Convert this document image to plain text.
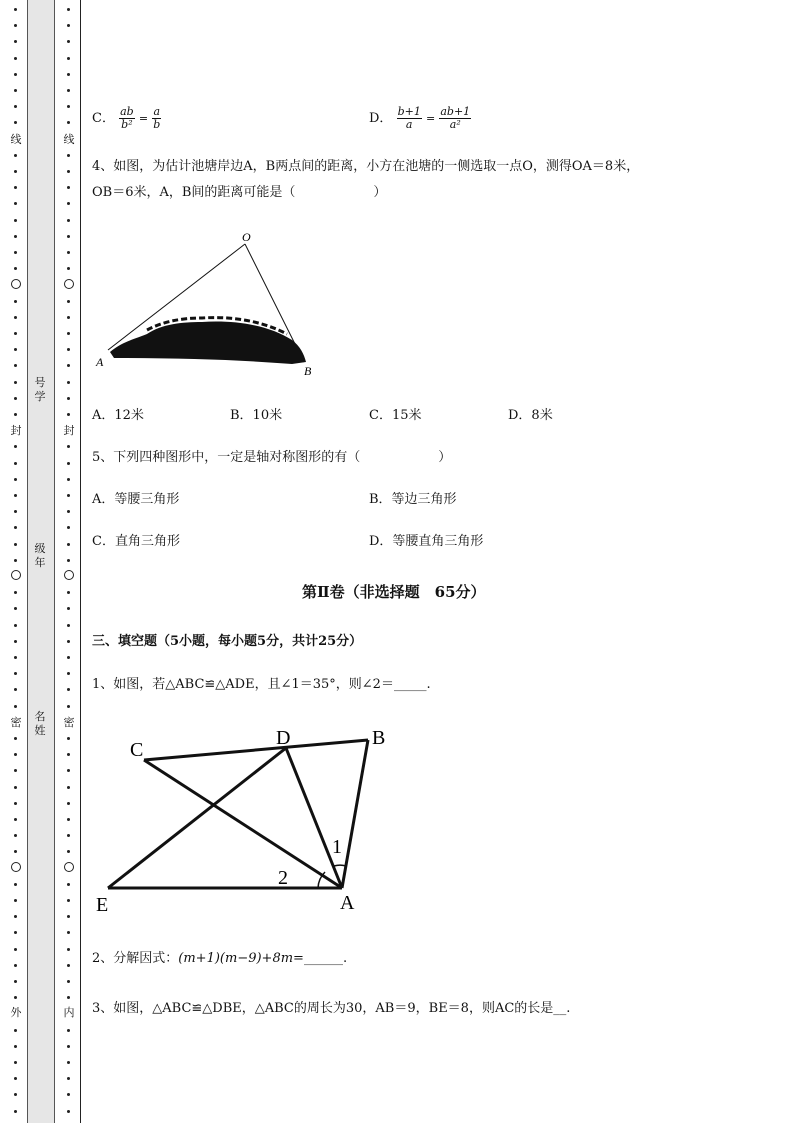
线
封
密
外
线
封
密
内
号学
级年
名姓
C． $\frac{ab}{\text{b²}} = \frac{a}{b}$	D． $\frac{b+1}{a} = \frac{ab+1}{\text{a²}}$
4、如图，为估计池塘岸边A，B两点间的距离，小方在池塘的一侧选取一点O，测得OA＝8米，
OB＝6米，A，B间的距离可能是（　　　　　　）
O
A
B
A．12米	B．10米	C．15米	D．8米
5、下列四种图形中，一定是轴对称图形的有（　　　　　　）
A．等腰三角形	B．等边三角形
C．直角三角形	D．等腰直角三角形
第Ⅱ卷（非选择题　65分）
三、填空题（5小题，每小题5分，共计25分）
1、如图，若△ABC≌△ADE，且∠1＝35°，则∠2＝_____.
C
D	B
E	A
1
2
2、分解因式：(m+1)(m−9)+8m=______.
3、如图，△ABC≌△DBE，△ABC的周长为30，AB＝9，BE＝8，则AC的长是__.
